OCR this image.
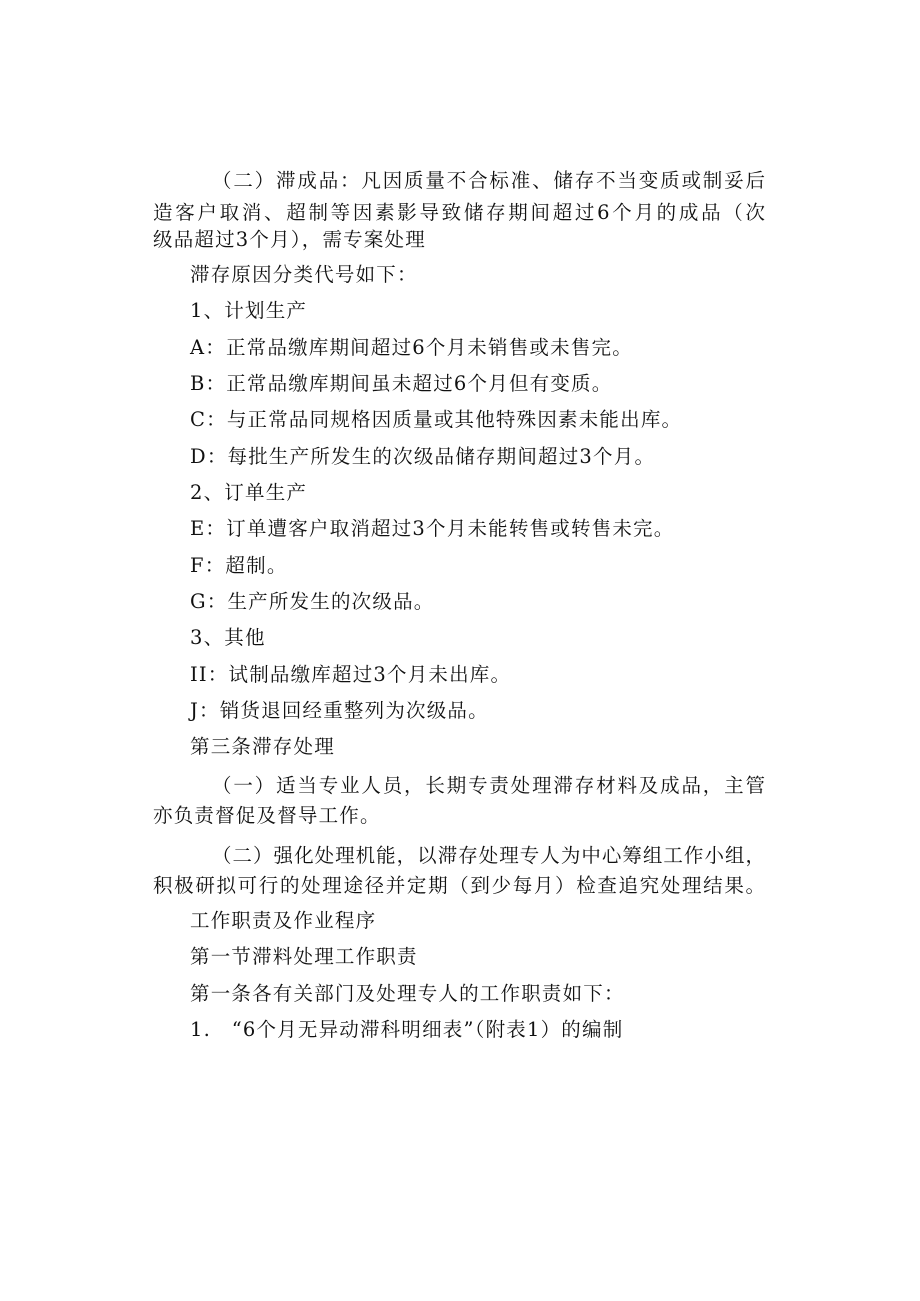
（二）滞成品：凡因质量不合标准、储存不当变质或制妥后
造客户取消、超制等因素影导致储存期间超过6个月的成品（次
级品超过3个月），需专案处理
滞存原因分类代号如下：
1、计划生产
A：正常品缴库期间超过6个月未销售或未售完。
B：正常品缴库期间虽未超过6个月但有变质。
C：与正常品同规格因质量或其他特殊因素未能出库。
D：每批生产所发生的次级品储存期间超过3个月。
2、订单生产
E：订单遭客户取消超过3个月未能转售或转售未完。
F：超制。
G：生产所发生的次级品。
3、其他
II：试制品缴库超过3个月未出库。
J：销货退回经重整列为次级品。
第三条滞存处理
（一）适当专业人员，长期专责处理滞存材料及成品，主管
亦负责督促及督导工作。
（二）强化处理机能，以滞存处理专人为中心筹组工作小组，
积极研拟可行的处理途径并定期（到少每月）检查追究处理结果。
工作职责及作业程序
第一节滞料处理工作职责
第一条各有关部门及处理专人的工作职责如下：
1.　“6个月无异动滞科明细表”（附表1）的编制
